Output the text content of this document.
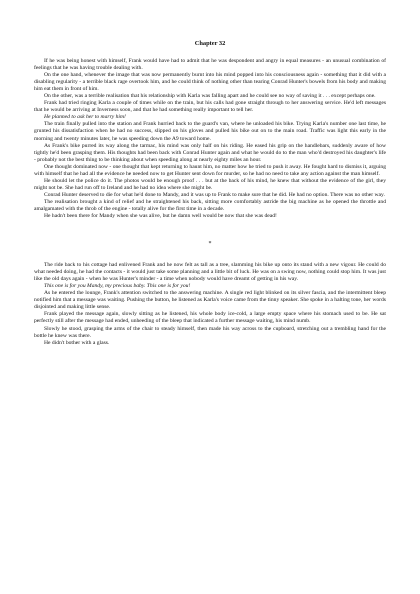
Chapter 32

If he was being honest with himself, Frank would have had to admit that he was despondent and angry in equal measures - an unusual combination of feelings that he was having trouble dealing with.

On the one hand, whenever the image that was now permanently burnt into his mind popped into his consciousness again - something that it did with a disabling regularity - a terrible black rage overtook him, and he could think of nothing other than tearing Conrad Hunter's bowels from his body and making him eat them in front of him.

On the other, was a terrible realisation that his relationship with Karla was falling apart and he could see no way of saving it . . . except perhaps one.

Frank had tried ringing Karla a couple of times while on the train, but his calls had gone straight through to her answering service. He'd left messages that he would be arriving at Inverness soon, and that he had something really important to tell her.

He planned to ask her to marry him!

The train finally pulled into the station and Frank hurried back to the guard's van, where he unloaded his bike. Trying Karla's number one last time, he grunted his dissatisfaction when he had no success, slipped on his gloves and pulled his bike out on to the main road. Traffic was light this early in the morning and twenty minutes later, he was speeding down the A9 toward home.

As Frank's bike purred its way along the tarmac, his mind was only half on his riding. He eased his grip on the handlebars, suddenly aware of how tightly he'd been grasping them. His thoughts had been back with Conrad Hunter again and what he would do to the man who'd destroyed his daughter's life - probably not the best thing to be thinking about when speeding along at nearly eighty miles an hour.

One thought dominated now - one thought that kept returning to haunt him, no matter how he tried to push it away. He fought hard to dismiss it, arguing with himself that he had all the evidence he needed now to get Hunter sent down for murder, so he had no need to take any action against the man himself.

He should let the police do it. The photos would be enough proof . . . but at the back of his mind, he knew that without the evidence of the girl, they might not be. She had run off to Ireland and he had no idea where she might be.

Conrad Hunter deserved to die for what he'd done to Mandy, and it was up to Frank to make sure that he did. He had no option. There was no other way.

The realisation brought a kind of relief and he straightened his back, sitting more comfortably astride the big machine as he opened the throttle and amalgamated with the throb of the engine - totally alive for the first time in a decade.

He hadn't been there for Mandy when she was alive, but he damn well would be now that she was dead!

*

The ride back to his cottage had enlivened Frank and he now felt as tall as a tree, slamming his bike up onto its stand with a new vigour. He could do what needed doing, he had the contacts - it would just take some planning and a little bit of luck. He was on a swing now, nothing could stop him. It was just like the old days again - when he was Hunter's minder - a time when nobody would have dreamt of getting in his way.

This one is for you Mandy, my precious baby. This one is for you!

As he entered the lounge, Frank's attention switched to the answering machine. A single red light blinked on its silver fascia, and the intermittent bleep notified him that a message was waiting. Pushing the button, he listened as Karla's voice came from the tinny speaker. She spoke in a halting tone, her words disjointed and making little sense.

Frank played the message again, slowly sitting as he listened, his whole body ice-cold, a large empty space where his stomach used to be. He sat perfectly still after the message had ended, unheeding of the bleep that indicated a further message waiting, his mind numb.

Slowly he stood, grasping the arms of the chair to steady himself, then made his way across to the cupboard, stretching out a trembling hand for the bottle he knew was there.

He didn't bother with a glass.
